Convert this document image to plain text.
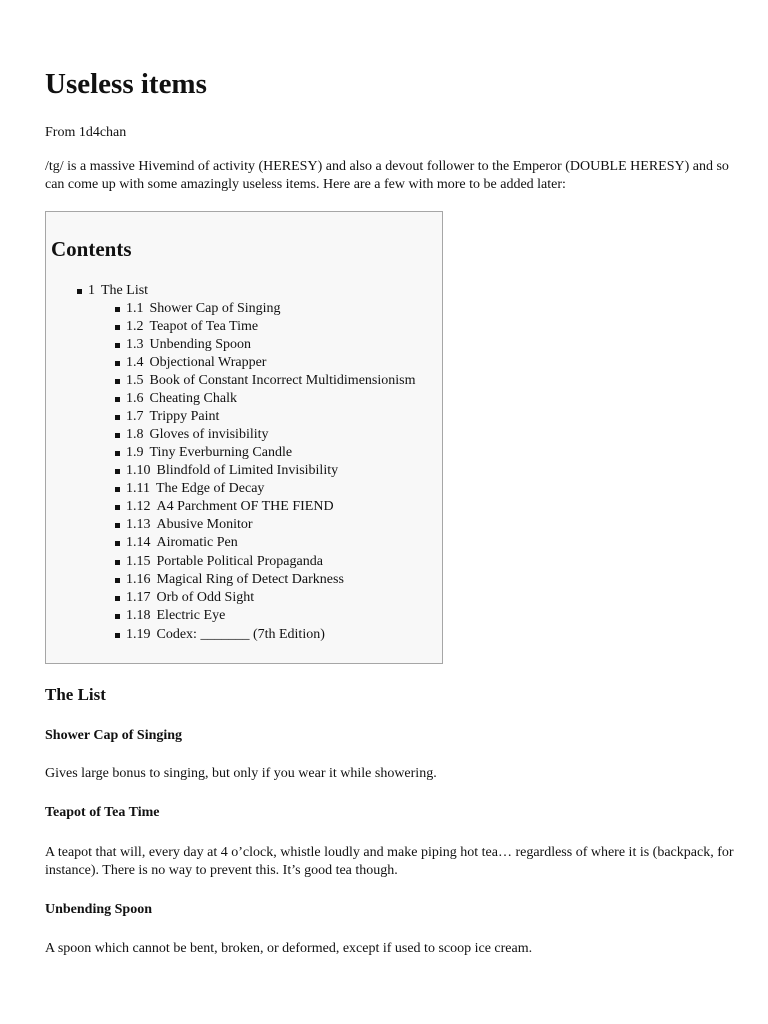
Useless items

From 1d4chan

/tg/ is a massive Hivemind of activity (HERESY) and also a devout follower to the Emperor (DOUBLE HERESY) and so can come up with some amazingly useless items. Here are a few with more to be added later:

Contents
1 The List
1.1 Shower Cap of Singing
1.2 Teapot of Tea Time
1.3 Unbending Spoon
1.4 Objectional Wrapper
1.5 Book of Constant Incorrect Multidimensionism
1.6 Cheating Chalk
1.7 Trippy Paint
1.8 Gloves of invisibility
1.9 Tiny Everburning Candle
1.10 Blindfold of Limited Invisibility
1.11 The Edge of Decay
1.12 A4 Parchment OF THE FIEND
1.13 Abusive Monitor
1.14 Airomatic Pen
1.15 Portable Political Propaganda
1.16 Magical Ring of Detect Darkness
1.17 Orb of Odd Sight
1.18 Electric Eye
1.19 Codex: _______ (7th Edition)
The List
Shower Cap of Singing

Gives large bonus to singing, but only if you wear it while showering.

Teapot of Tea Time

A teapot that will, every day at 4 o’clock, whistle loudly and make piping hot tea… regardless of where it is (backpack, for instance). There is no way to prevent this. It’s good tea though.

Unbending Spoon

A spoon which cannot be bent, broken, or deformed, except if used to scoop ice cream.
